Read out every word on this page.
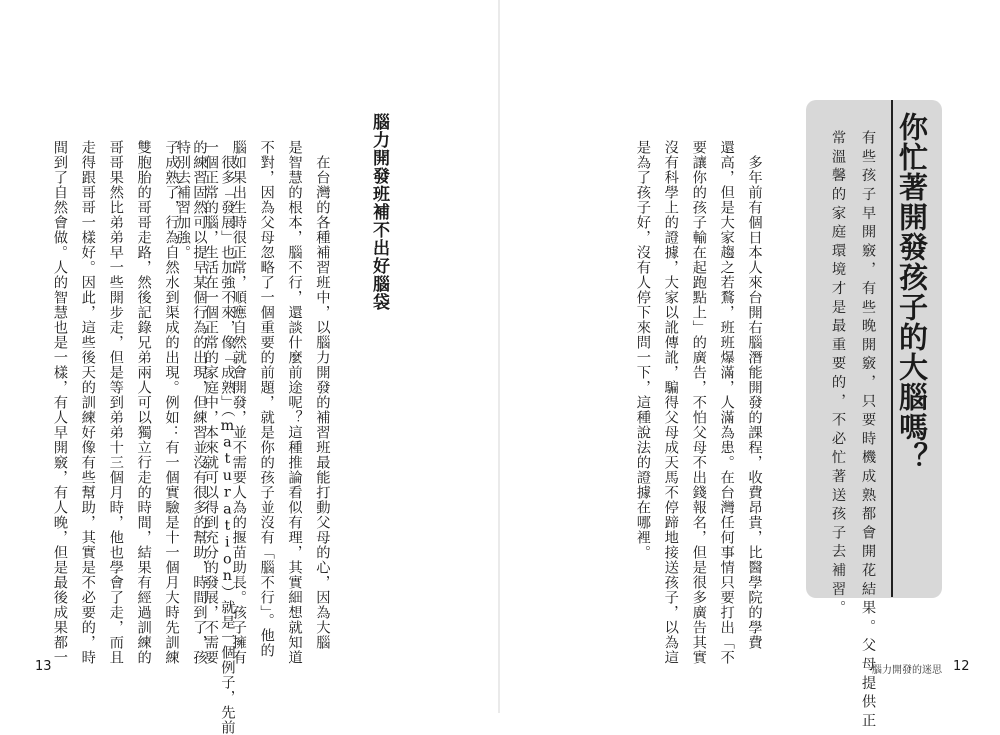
腦力開發班補不出好腦袋
　在台灣的各種補習班中，以腦力開發的補習班最能打動父母的心，因為大腦
是智慧的根本，腦不行，還談什麼前途呢？這種推論看似有理，其實細想就知道
不對，因為父母忽略了一個重要的前題，就是你的孩子並沒有「腦不行」。他的
腦如果出生時很正常，順應自然就會開發，並不需要人為的揠苗助長。孩子擁有
一個正常的腦，生活在一個正常的家庭中，本來就可以得到充分的發展，不需要
特別去補習加強。	　很多「發展」也加強不來，像「成熟」（maturation）就是一個例子，先前
的練習固然可以提早某個行為的出現，但練習並沒有很多的幫助，時間到了，孩
子成熟了，行為自然水到渠成的出現。例如：有一個實驗是十一個月大時先訓練
雙胞胎的哥哥走路，然後記錄兄弟兩人可以獨立行走的時間，結果有經過訓練的
哥哥果然比弟弟早一些開步走，但是等到弟弟十三個月時，他也學會了走，而且
走得跟哥哥一樣好。因此，這些後天的訓練好像有些幫助，其實是不必要的，時
間到了自然會做。人的智慧也是一樣，有人早開竅，有人晚，但是最後成果都一
13
你忙著開發孩子的大腦嗎？
有些孩子早開竅，有些晚開竅，只要時機成熟都會開花結果。父母提供正
常溫馨的家庭環境才是最重要的，不必忙著送孩子去補習。
　多年前有個日本人來台開右腦潛能開發的課程，收費昂貴，比醫學院的學費
還高，但是大家趨之若鶩，班班爆滿，人滿為患。在台灣任何事情只要打出「不
要讓你的孩子輸在起跑點上」的廣告，不怕父母不出錢報名，但是很多廣告其實
沒有科學上的證據，大家以訛傳訛，騙得父母成天馬不停蹄地接送孩子，以為這
是為了孩子好，沒有人停下來問一下，這種說法的證據在哪裡。
腦力開發的迷思 12
